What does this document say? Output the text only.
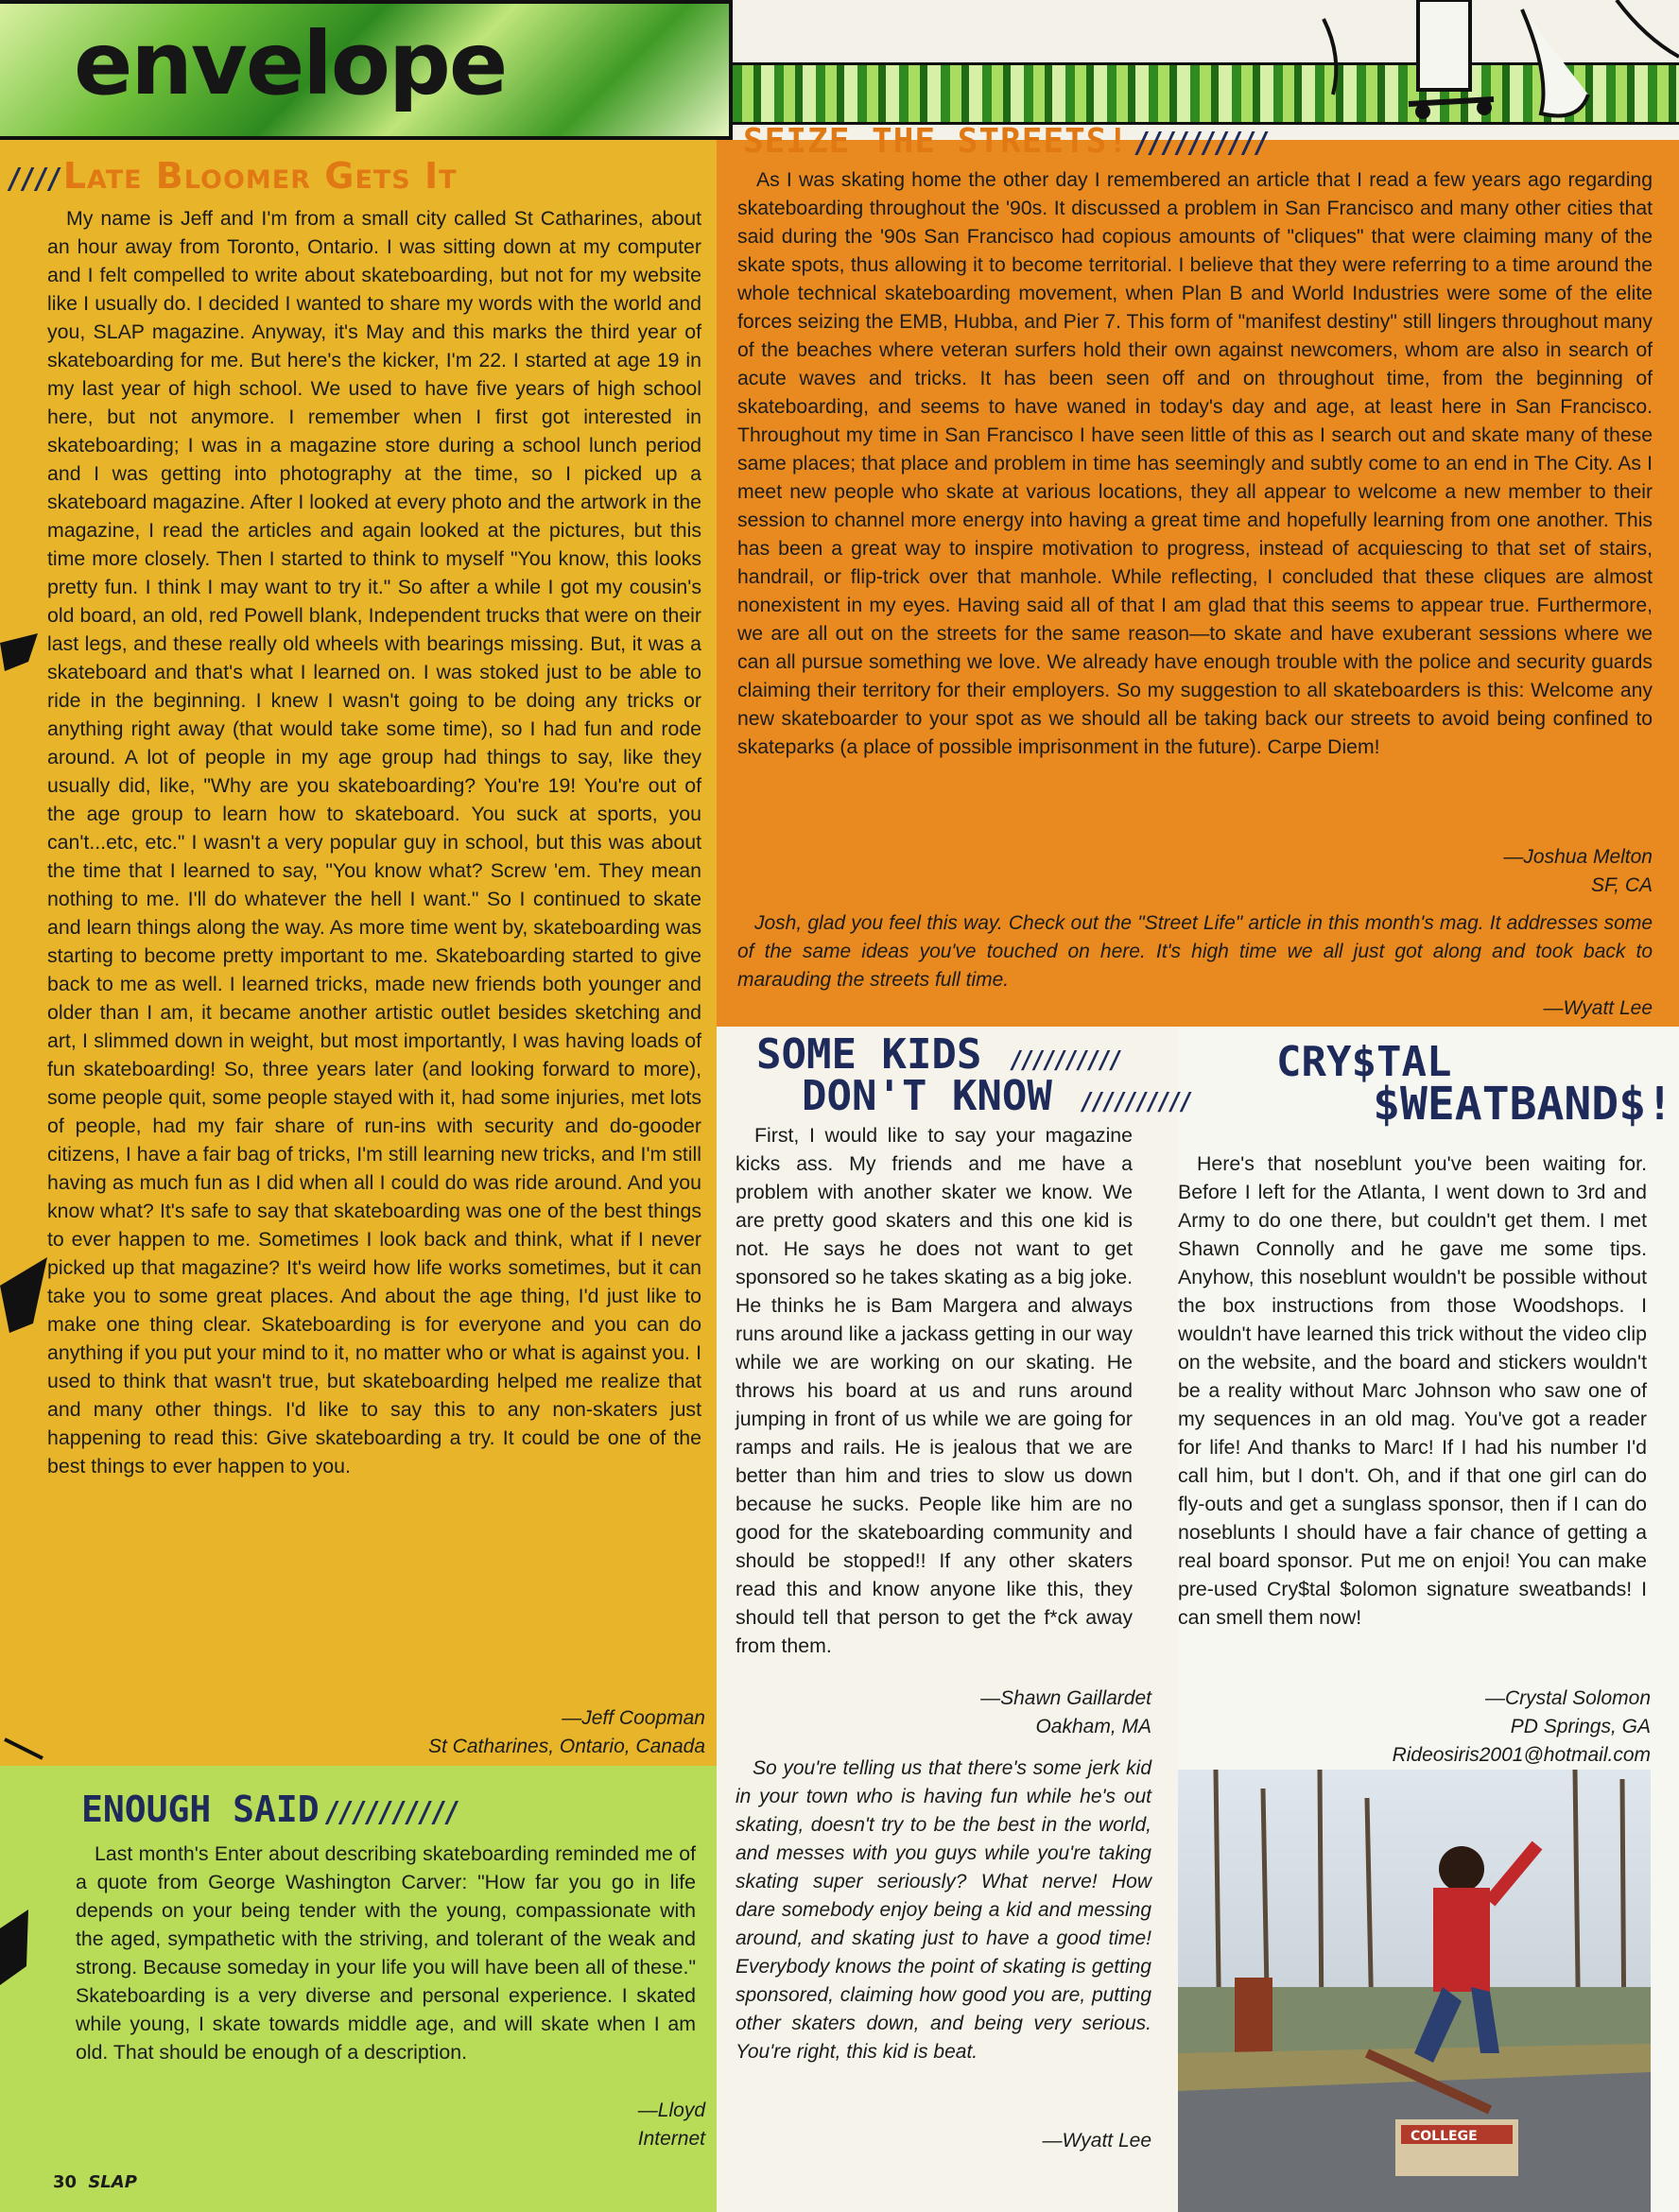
envelope
//// Late Bloomer Gets It
My name is Jeff and I'm from a small city called St Catharines, about an hour away from Toronto, Ontario. I was sitting down at my computer and I felt compelled to write about skateboarding, but not for my website like I usually do. I decided I wanted to share my words with the world and you, SLAP magazine. Anyway, it's May and this marks the third year of skateboarding for me. But here's the kicker, I'm 22. I started at age 19 in my last year of high school. We used to have five years of high school here, but not anymore. I remember when I first got interested in skateboarding; I was in a magazine store during a school lunch period and I was getting into photography at the time, so I picked up a skateboard magazine. After I looked at every photo and the artwork in the magazine, I read the articles and again looked at the pictures, but this time more closely. Then I started to think to myself "You know, this looks pretty fun. I think I may want to try it." So after a while I got my cousin's old board, an old, red Powell blank, Independent trucks that were on their last legs, and these really old wheels with bearings missing. But, it was a skateboard and that's what I learned on. I was stoked just to be able to ride in the beginning. I knew I wasn't going to be doing any tricks or anything right away (that would take some time), so I had fun and rode around. A lot of people in my age group had things to say, like they usually did, like, "Why are you skateboarding? You're 19! You're out of the age group to learn how to skateboard. You suck at sports, you can't...etc, etc." I wasn't a very popular guy in school, but this was about the time that I learned to say, "You know what? Screw 'em. They mean nothing to me. I'll do whatever the hell I want." So I continued to skate and learn things along the way. As more time went by, skateboarding was starting to become pretty important to me. Skateboarding started to give back to me as well. I learned tricks, made new friends both younger and older than I am, it became another artistic outlet besides sketching and art, I slimmed down in weight, but most importantly, I was having loads of fun skateboarding! So, three years later (and looking forward to more), some people quit, some people stayed with it, had some injuries, met lots of people, had my fair share of run-ins with security and do-gooder citizens, I have a fair bag of tricks, I'm still learning new tricks, and I'm still having as much fun as I did when all I could do was ride around. And you know what? It's safe to say that skateboarding was one of the best things to ever happen to me. Sometimes I look back and think, what if I never picked up that magazine? It's weird how life works sometimes, but it can take you to some great places. And about the age thing, I'd just like to make one thing clear. Skateboarding is for everyone and you can do anything if you put your mind to it, no matter who or what is against you. I used to think that wasn't true, but skateboarding helped me realize that and many other things. I'd like to say this to any non-skaters just happening to read this: Give skateboarding a try. It could be one of the best things to ever happen to you.
—Jeff Coopman
St Catharines, Ontario, Canada
ENOUGH SAID //////////
Last month's Enter about describing skateboarding reminded me of a quote from George Washington Carver: "How far you go in life depends on your being tender with the young, compassionate with the aged, sympathetic with the striving, and tolerant of the weak and strong. Because someday in your life you will have been all of these." Skateboarding is a very diverse and personal experience. I skated while young, I skate towards middle age, and will skate when I am old. That should be enough of a description.
—Lloyd
Internet
SEIZE THE STREETS! //////////
As I was skating home the other day I remembered an article that I read a few years ago regarding skateboarding throughout the '90s. It discussed a problem in San Francisco and many other cities that said during the '90s San Francisco had copious amounts of "cliques" that were claiming many of the skate spots, thus allowing it to become territorial. I believe that they were referring to a time around the whole technical skateboarding movement, when Plan B and World Industries were some of the elite forces seizing the EMB, Hubba, and Pier 7. This form of "manifest destiny" still lingers throughout many of the beaches where veteran surfers hold their own against newcomers, whom are also in search of acute waves and tricks. It has been seen off and on throughout time, from the beginning of skateboarding, and seems to have waned in today's day and age, at least here in San Francisco. Throughout my time in San Francisco I have seen little of this as I search out and skate many of these same places; that place and problem in time has seemingly and subtly come to an end in The City. As I meet new people who skate at various locations, they all appear to welcome a new member to their session to channel more energy into having a great time and hopefully learning from one another. This has been a great way to inspire motivation to progress, instead of acquiescing to that set of stairs, handrail, or flip-trick over that manhole. While reflecting, I concluded that these cliques are almost nonexistent in my eyes. Having said all of that I am glad that this seems to appear true. Furthermore, we are all out on the streets for the same reason—to skate and have exuberant sessions where we can all pursue something we love. We already have enough trouble with the police and security guards claiming their territory for their employers. So my suggestion to all skateboarders is this: Welcome any new skateboarder to your spot as we should all be taking back our streets to avoid being confined to skateparks (a place of possible imprisonment in the future). Carpe Diem!
—Joshua Melton
SF, CA
Josh, glad you feel this way. Check out the "Street Life" article in this month's mag. It addresses some of the same ideas you've touched on here. It's high time we all just got along and took back to marauding the streets full time.
—Wyatt Lee
SOME KIDS //////////
DON'T KNOW //////////
First, I would like to say your magazine kicks ass. My friends and me have a problem with another skater we know. We are pretty good skaters and this one kid is not. He says he does not want to get sponsored so he takes skating as a big joke. He thinks he is Bam Margera and always runs around like a jackass getting in our way while we are working on our skating. He throws his board at us and runs around jumping in front of us while we are going for ramps and rails. He is jealous that we are better than him and tries to slow us down because he sucks. People like him are no good for the skateboarding community and should be stopped!! If any other skaters read this and know anyone like this, they should tell that person to get the f*ck away from them.
—Shawn Gaillardet
Oakham, MA
So you're telling us that there's some jerk kid in your town who is having fun while he's out skating, doesn't try to be the best in the world, and messes with you guys while you're taking skating super seriously? What nerve! How dare somebody enjoy being a kid and messing around, and skating just to have a good time! Everybody knows the point of skating is getting sponsored, claiming how good you are, putting other skaters down, and being very serious. You're right, this kid is beat.
—Wyatt Lee
CRY$TAL
$WEATBAND$!
Here's that noseblunt you've been waiting for. Before I left for the Atlanta, I went down to 3rd and Army to do one there, but couldn't get them. I met Shawn Connolly and he gave me some tips. Anyhow, this noseblunt wouldn't be possible without the box instructions from those Woodshops. I wouldn't have learned this trick without the video clip on the website, and the board and stickers wouldn't be a reality without Marc Johnson who saw one of my sequences in an old mag. You've got a reader for life! And thanks to Marc! If I had his number I'd call him, but I don't. Oh, and if that one girl can do fly-outs and get a sunglass sponsor, then if I can do noseblunts I should have a fair chance of getting a real board sponsor. Put me on enjoi! You can make pre-used Cry$tal $olomon signature sweatbands! I can smell them now!
—Crystal Solomon
PD Springs, GA
Rideosiris2001@hotmail.com
COLLEGE
30 SLAP
